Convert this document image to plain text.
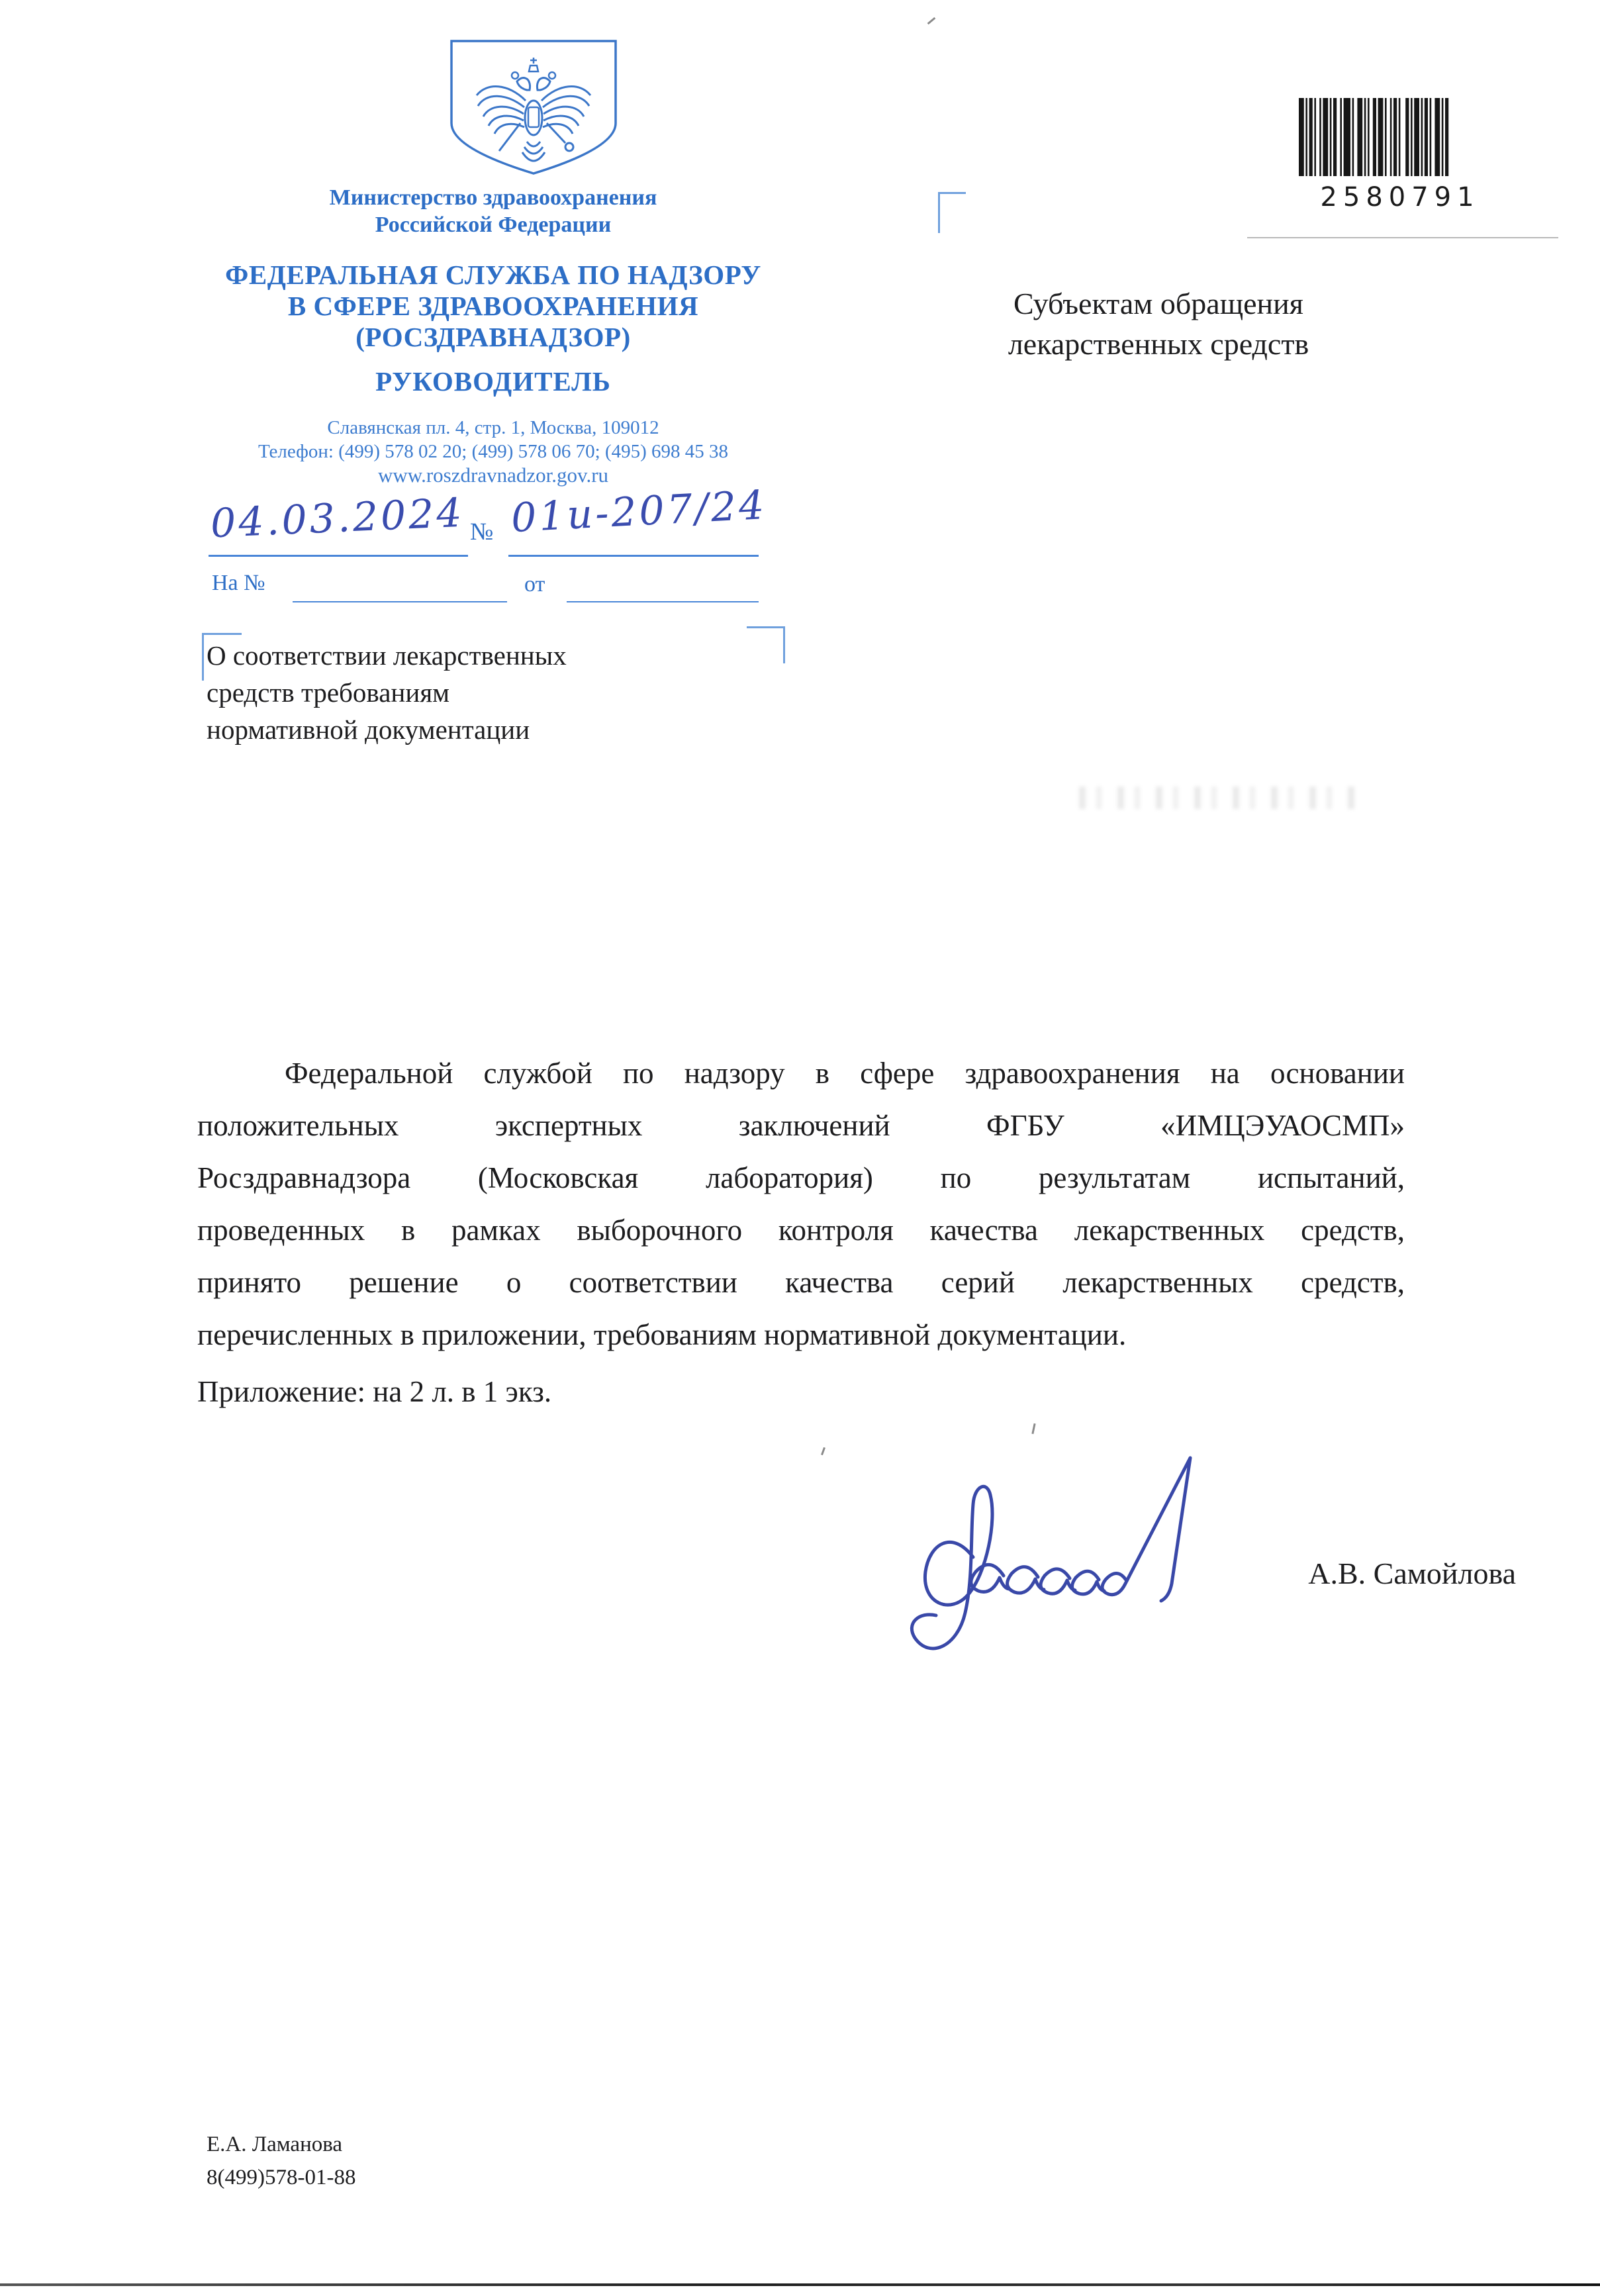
Министерство здравоохранения
Российской Федерации
ФЕДЕРАЛЬНАЯ СЛУЖБА ПО НАДЗОРУ
В СФЕРЕ ЗДРАВООХРАНЕНИЯ
(РОСЗДРАВНАДЗОР)
РУКОВОДИТЕЛЬ
Славянская пл. 4, стр. 1, Москва, 109012
Телефон: (499) 578 02 20; (499) 578 06 70; (495) 698 45 38
www.roszdravnadzor.gov.ru
04.03.2024 № 01и-207/24
На №	от
О соответствии лекарственных
средств требованиям
нормативной документации
2580791
Субъектам обращения
лекарственных средств
Федеральной службой по надзору в сфере здравоохранения на основании
положительных экспертных заключений ФГБУ «ИМЦЭУАОСМП»
Росздравнадзора (Московская лаборатория) по результатам испытаний,
проведенных в рамках выборочного контроля качества лекарственных средств,
принято решение о соответствии качества серий лекарственных средств,
перечисленных в приложении, требованиям нормативной документации.
Приложение: на 2 л. в 1 экз.
А.В. Самойлова
Е.А. Ламанова
8(499)578-01-88
